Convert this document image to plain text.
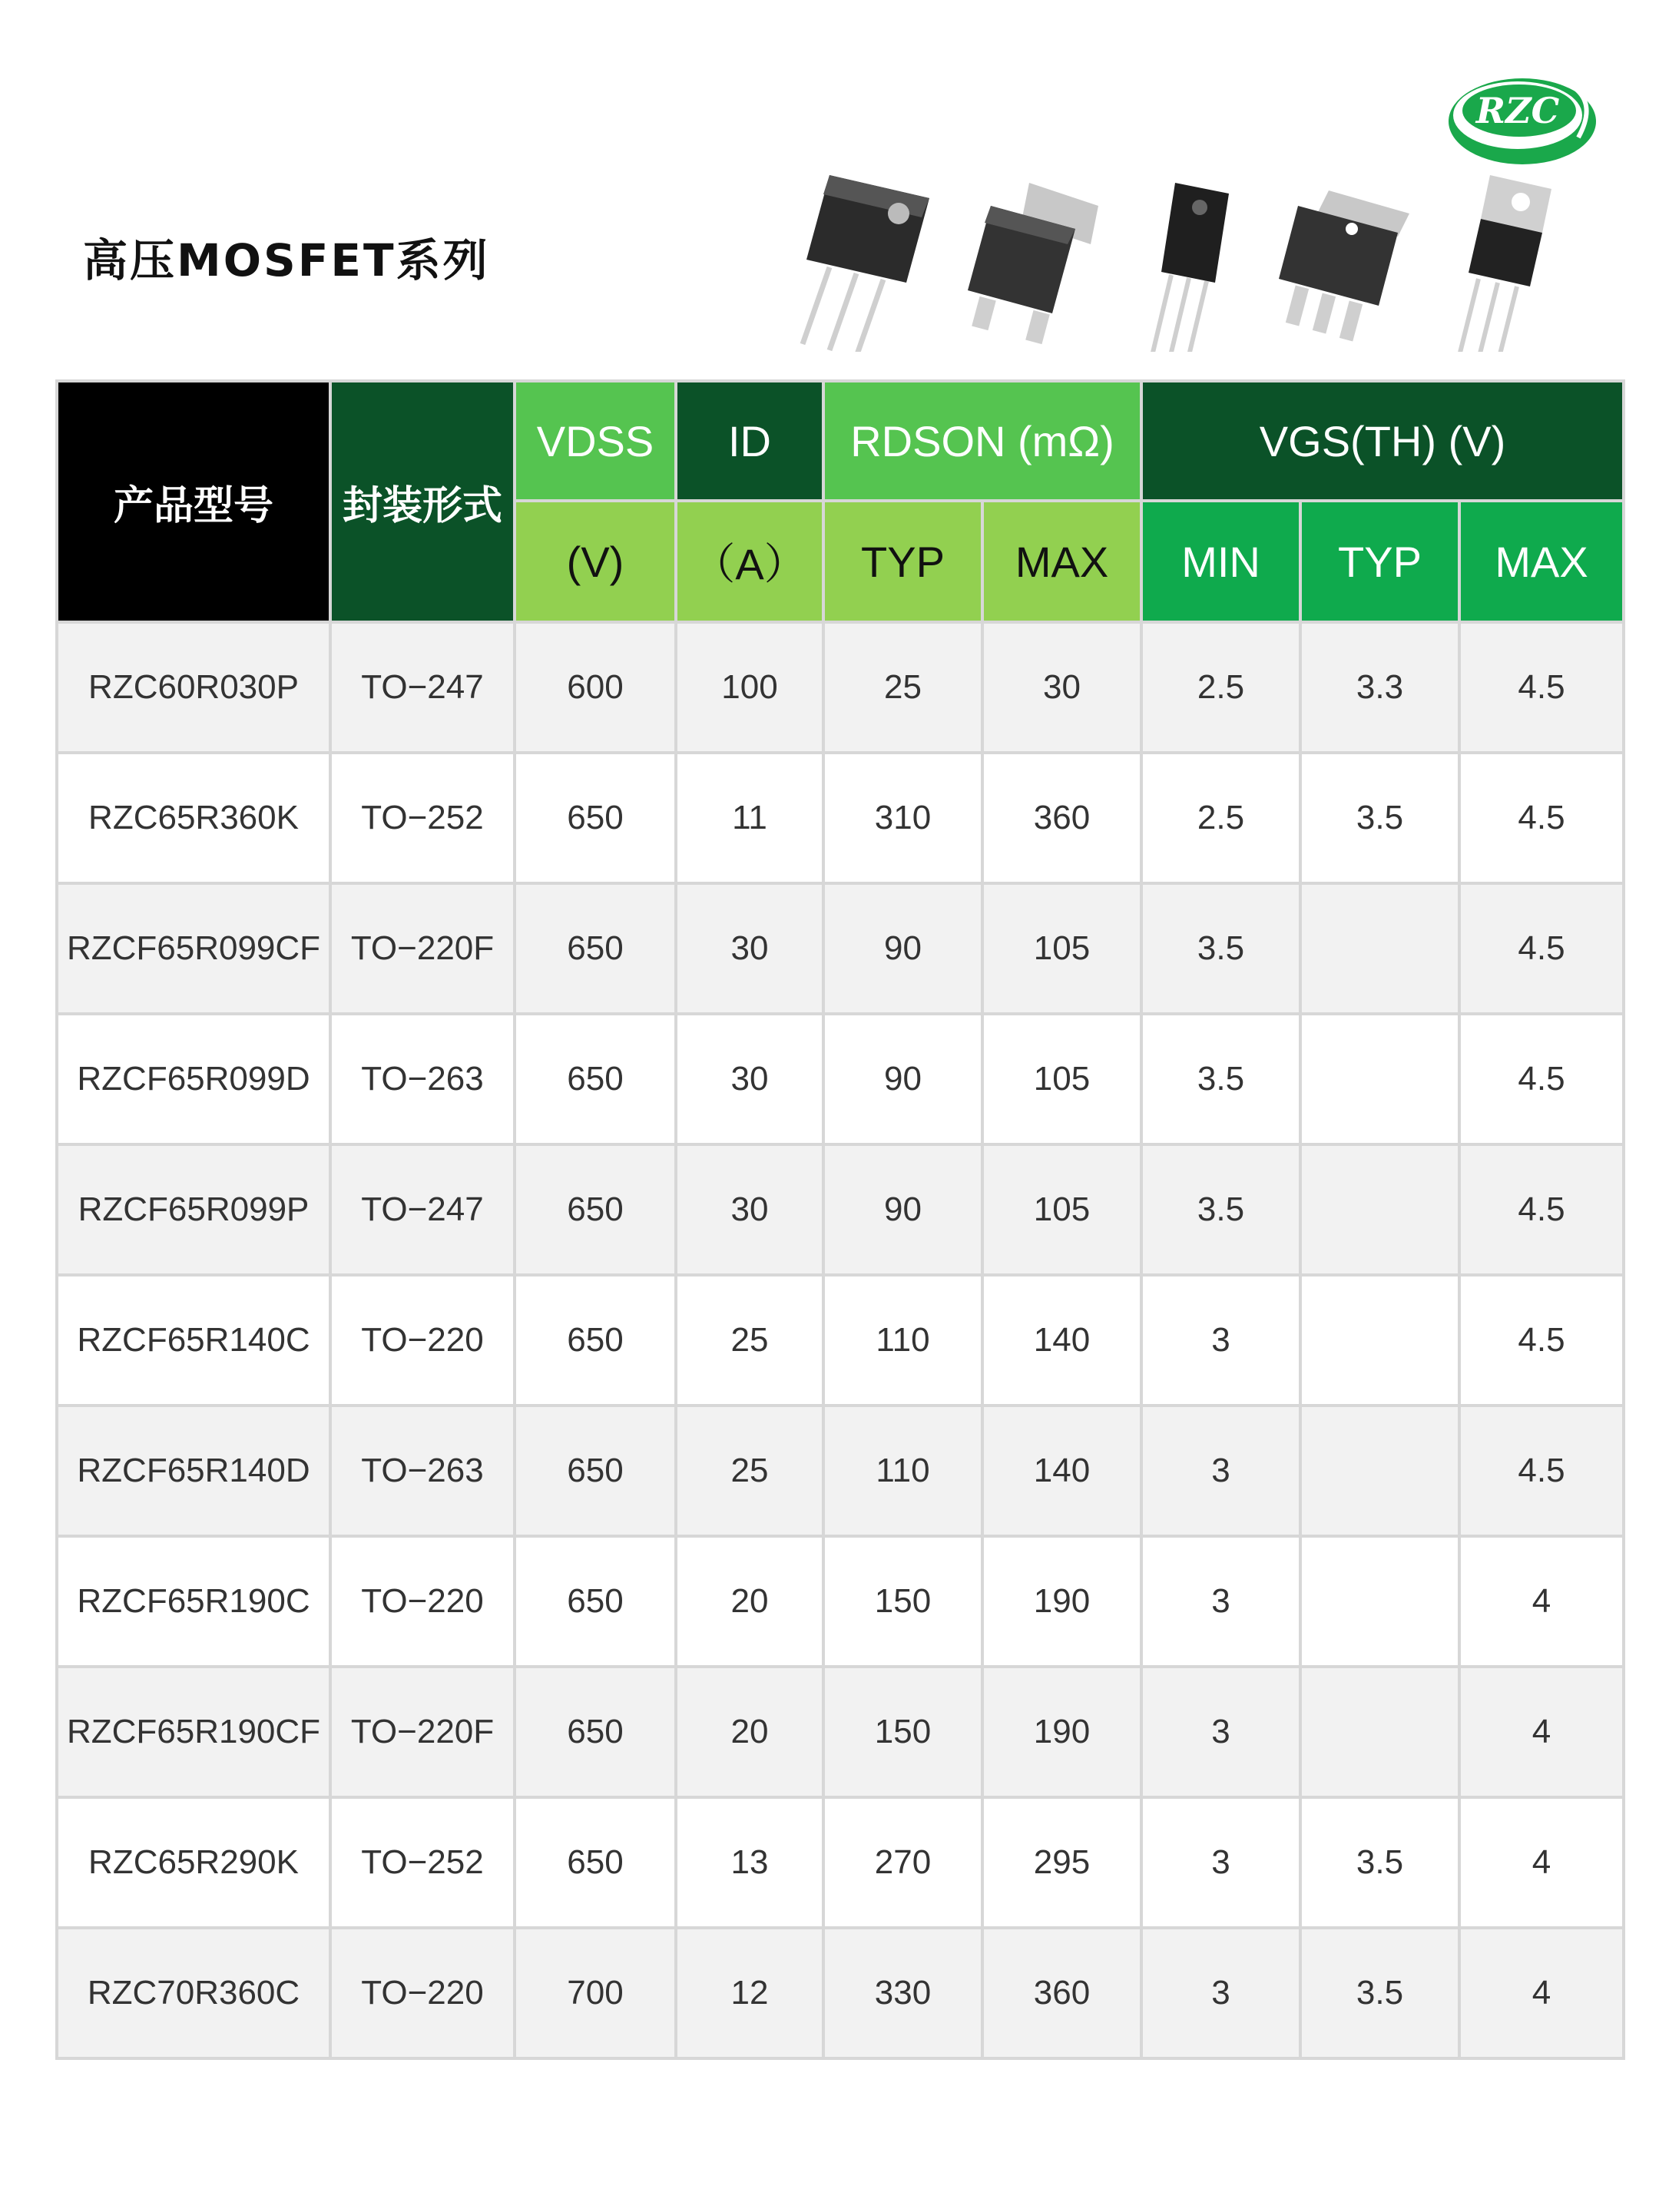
高压MOSFET系列
RZC
产品型号	封装形式	VDSS	ID	RDSON (mΩ)		VGS(TH) (V)		
		(V)	（A）	TYP	MAX	MIN	TYP	MAX
RZC60R030P	TO−247	600	100	25	30	2.5	3.3	4.5
RZC65R360K	TO−252	650	11	310	360	2.5	3.5	4.5
RZCF65R099CF	TO−220F	650	30	90	105	3.5		4.5
RZCF65R099D	TO−263	650	30	90	105	3.5		4.5
RZCF65R099P	TO−247	650	30	90	105	3.5		4.5
RZCF65R140C	TO−220	650	25	110	140	3		4.5
RZCF65R140D	TO−263	650	25	110	140	3		4.5
RZCF65R190C	TO−220	650	20	150	190	3		4
RZCF65R190CF	TO−220F	650	20	150	190	3		4
RZC65R290K	TO−252	650	13	270	295	3	3.5	4
RZC70R360C	TO−220	700	12	330	360	3	3.5	4
